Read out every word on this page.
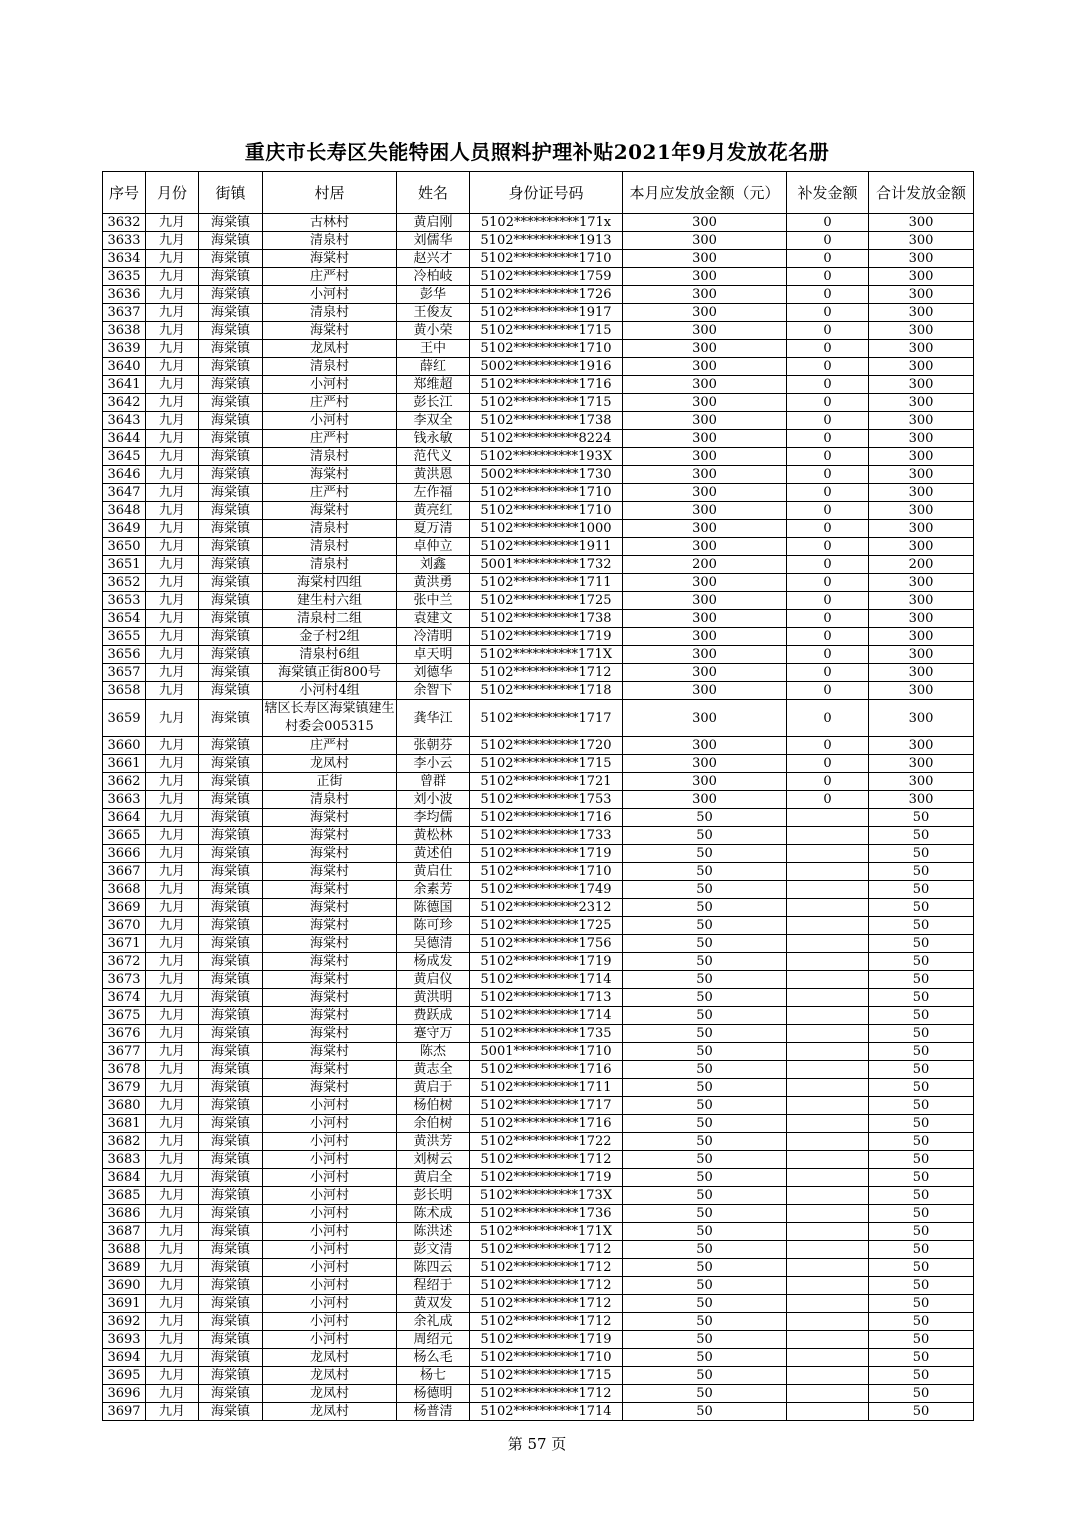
重庆市长寿区失能特困人员照料护理补贴2021年9月发放花名册
序号	月份	街镇	村居	姓名	身份证号码	本月应发放金额（元）	补发金额	合计发放金额
3632	九月	海棠镇	古林村	黄启刚	5102**********171x	300	0	300
3633	九月	海棠镇	清泉村	刘儒华	5102**********1913	300	0	300
3634	九月	海棠镇	海棠村	赵兴才	5102**********1710	300	0	300
3635	九月	海棠镇	庄严村	冷柏岐	5102**********1759	300	0	300
3636	九月	海棠镇	小河村	彭华	5102**********1726	300	0	300
3637	九月	海棠镇	清泉村	王俊友	5102**********1917	300	0	300
3638	九月	海棠镇	海棠村	黄小荣	5102**********1715	300	0	300
3639	九月	海棠镇	龙凤村	王中	5102**********1710	300	0	300
3640	九月	海棠镇	清泉村	薛红	5002**********1916	300	0	300
3641	九月	海棠镇	小河村	郑维超	5102**********1716	300	0	300
3642	九月	海棠镇	庄严村	彭长江	5102**********1715	300	0	300
3643	九月	海棠镇	小河村	李双全	5102**********1738	300	0	300
3644	九月	海棠镇	庄严村	钱永敏	5102**********8224	300	0	300
3645	九月	海棠镇	清泉村	范代义	5102**********193X	300	0	300
3646	九月	海棠镇	海棠村	黄洪恩	5002**********1730	300	0	300
3647	九月	海棠镇	庄严村	左作福	5102**********1710	300	0	300
3648	九月	海棠镇	海棠村	黄亮红	5102**********1710	300	0	300
3649	九月	海棠镇	清泉村	夏万清	5102**********1000	300	0	300
3650	九月	海棠镇	清泉村	卓仲立	5102**********1911	300	0	300
3651	九月	海棠镇	清泉村	刘鑫	5001**********1732	200	0	200
3652	九月	海棠镇	海棠村四组	黄洪勇	5102**********1711	300	0	300
3653	九月	海棠镇	建生村六组	张中兰	5102**********1725	300	0	300
3654	九月	海棠镇	清泉村二组	袁建文	5102**********1738	300	0	300
3655	九月	海棠镇	金子村2组	冷清明	5102**********1719	300	0	300
3656	九月	海棠镇	清泉村6组	卓天明	5102**********171X	300	0	300
3657	九月	海棠镇	海棠镇正街800号	刘德华	5102**********1712	300	0	300
3658	九月	海棠镇	小河村4组	余智下	5102**********1718	300	0	300
3659	九月	海棠镇	辖区长寿区海棠镇建生村委会005315	龚华江	5102**********1717	300	0	300
3660	九月	海棠镇	庄严村	张朝芬	5102**********1720	300	0	300
3661	九月	海棠镇	龙凤村	李小云	5102**********1715	300	0	300
3662	九月	海棠镇	正街	曾群	5102**********1721	300	0	300
3663	九月	海棠镇	清泉村	刘小波	5102**********1753	300	0	300
3664	九月	海棠镇	海棠村	李均儒	5102**********1716	50		50
3665	九月	海棠镇	海棠村	黄松林	5102**********1733	50		50
3666	九月	海棠镇	海棠村	黄述伯	5102**********1719	50		50
3667	九月	海棠镇	海棠村	黄启仕	5102**********1710	50		50
3668	九月	海棠镇	海棠村	余素芳	5102**********1749	50		50
3669	九月	海棠镇	海棠村	陈德国	5102**********2312	50		50
3670	九月	海棠镇	海棠村	陈可珍	5102**********1725	50		50
3671	九月	海棠镇	海棠村	吴德清	5102**********1756	50		50
3672	九月	海棠镇	海棠村	杨成发	5102**********1719	50		50
3673	九月	海棠镇	海棠村	黄启仪	5102**********1714	50		50
3674	九月	海棠镇	海棠村	黄洪明	5102**********1713	50		50
3675	九月	海棠镇	海棠村	费跃成	5102**********1714	50		50
3676	九月	海棠镇	海棠村	蹇守万	5102**********1735	50		50
3677	九月	海棠镇	海棠村	陈杰	5001**********1710	50		50
3678	九月	海棠镇	海棠村	黄志全	5102**********1716	50		50
3679	九月	海棠镇	海棠村	黄启于	5102**********1711	50		50
3680	九月	海棠镇	小河村	杨伯树	5102**********1717	50		50
3681	九月	海棠镇	小河村	余伯树	5102**********1716	50		50
3682	九月	海棠镇	小河村	黄洪芳	5102**********1722	50		50
3683	九月	海棠镇	小河村	刘树云	5102**********1712	50		50
3684	九月	海棠镇	小河村	黄启全	5102**********1719	50		50
3685	九月	海棠镇	小河村	彭长明	5102**********173X	50		50
3686	九月	海棠镇	小河村	陈术成	5102**********1736	50		50
3687	九月	海棠镇	小河村	陈洪述	5102**********171X	50		50
3688	九月	海棠镇	小河村	彭文清	5102**********1712	50		50
3689	九月	海棠镇	小河村	陈四云	5102**********1712	50		50
3690	九月	海棠镇	小河村	程绍于	5102**********1712	50		50
3691	九月	海棠镇	小河村	黄双发	5102**********1712	50		50
3692	九月	海棠镇	小河村	余礼成	5102**********1712	50		50
3693	九月	海棠镇	小河村	周绍元	5102**********1719	50		50
3694	九月	海棠镇	龙凤村	杨么毛	5102**********1710	50		50
3695	九月	海棠镇	龙凤村	杨七	5102**********1715	50		50
3696	九月	海棠镇	龙凤村	杨德明	5102**********1712	50		50
3697	九月	海棠镇	龙凤村	杨普清	5102**********1714	50		50
第 57 页
